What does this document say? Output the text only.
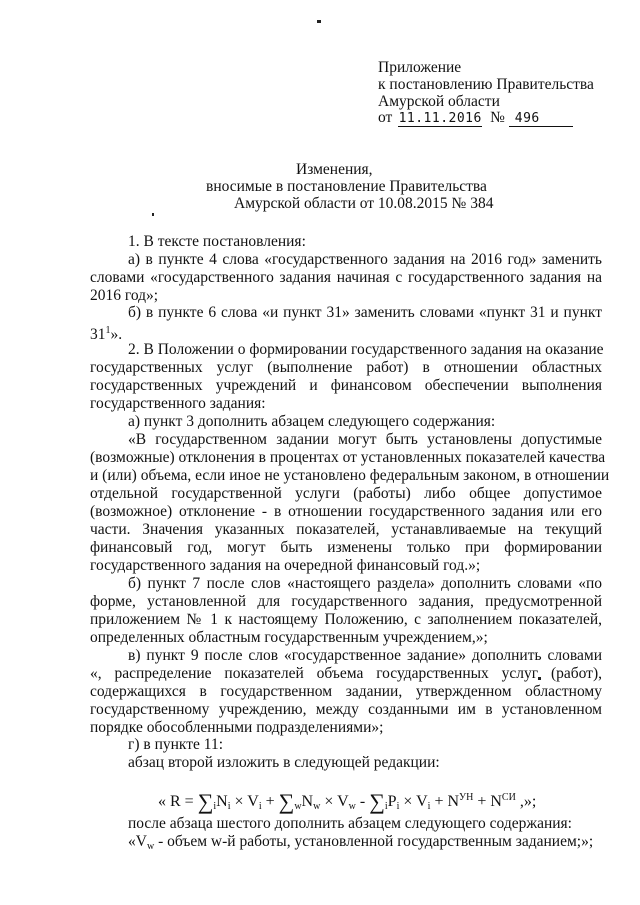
Приложение

к постановлению Правительства

Амурской области

от 11.11.2016 № 496

Изменения,

вносимые в постановление Правительства

Амурской области от 10.08.2015 № 384

1. В тексте постановления:

а) в пункте 4 слова «государственного задания на 2016 год» заменить

словами «государственного задания начиная с государственного задания на

2016 год»;

б) в пункте 6 слова «и пункт 31» заменить словами «пункт 31 и пункт

$31^1$».

2. В Положении о формировании государственного задания на оказание

государственных услуг (выполнение работ) в отношении областных

государственных учреждений и финансовом обеспечении выполнения

государственного задания:

а) пункт 3 дополнить абзацем следующего содержания:

«В государственном задании могут быть установлены допустимые

(возможные) отклонения в процентах от установленных показателей качества

и (или) объема, если иное не установлено федеральным законом, в отношении

отдельной государственной услуги (работы) либо общее допустимое

(возможное) отклонение - в отношении государственного задания или его

части. Значения указанных показателей, устанавливаемые на текущий

финансовый год, могут быть изменены только при формировании

государственного задания на очередной финансовый год.»;

б) пункт 7 после слов «настоящего раздела» дополнить словами «по

форме, установленной для государственного задания, предусмотренной

приложением № 1 к настоящему Положению, с заполнением показателей,

определенных областным государственным учреждением,»;

в) пункт 9 после слов «государственное задание» дополнить словами

«, распределение показателей объема государственных услуг (работ),

содержащихся в государственном задании, утвержденном областному

государственному учреждению, между созданными им в установленном

порядке обособленными подразделениями»;

г) в пункте 11:

абзац второй изложить в следующей редакции:

« $R = \sum_iN_i \times V_i + \sum_wN_w \times V_w - \sum_iP_i \times V_i + N^{УН} + N^{СИ}$ ,»;

после абзаца шестого дополнить абзацем следующего содержания:

«$V_w$ - объем w-й работы, установленной государственным заданием;»;
